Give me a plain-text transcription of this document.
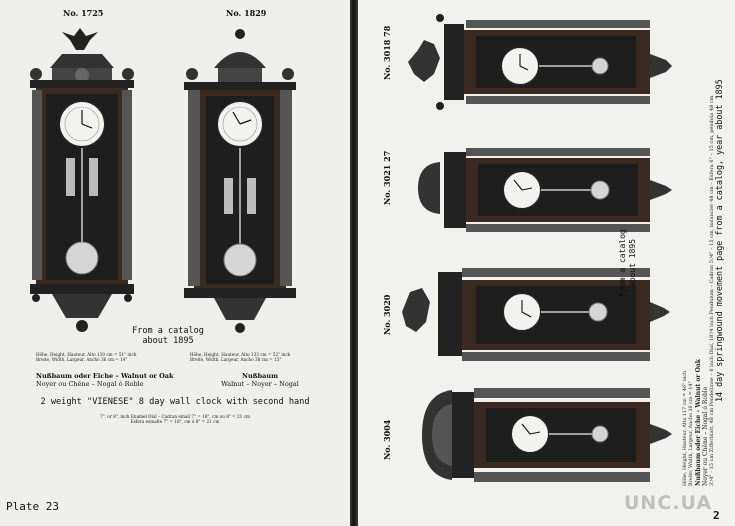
No. 1725	No. 1829
From a catalog
about 1895
Höhe, Height, Hauteur, Alto 130 cm = 51" inch
Breite, Width, Largeur, Ancho 36 cm = 14"
Höhe, Height, Hauteur, Alto 133 cm = 52" inch
Breite, Width, Largeur, Ancho 38 cm = 15"
Nußbaum oder Eiche – Walnut or Oak
Noyer ou Chêne – Nogal ó Roble
Nußbaum
Walnut – Noyer – Nogal
2 weight "VIENESE" 8 day wall clock with second hand
7", or 8", inch Enamel Dial – Cadran émail 7" = 18", cm ou 8" = 21 cm
Esfera esmalte 7" = 18", cm ó 8" = 21 cm
Plate 23
No. 3018 78
No. 3021 27
No. 3020
No. 3004
From a catalog about 1895
Höhe, Height, Hauteur, Alto 117 cm = 46" inch Breite, Width, Largeur, Ancho 36 cm = 14" Nußbaum oder Eiche – Walnut or Oak Noyer ou Chêne – Nogal ó Roble 3'/4" - 15 cm Zifferblatt, 48 cm Pendellinse – 6 inch Dial, 18'/4 inch Pendulum – Cadran 5'/4" – 15 cm, balancier 48 cm – Esfera 6" – 15 cm, péndola 48 cm 14 day springwound movement page from a catalog, year about 1895
2
UNC.UA
